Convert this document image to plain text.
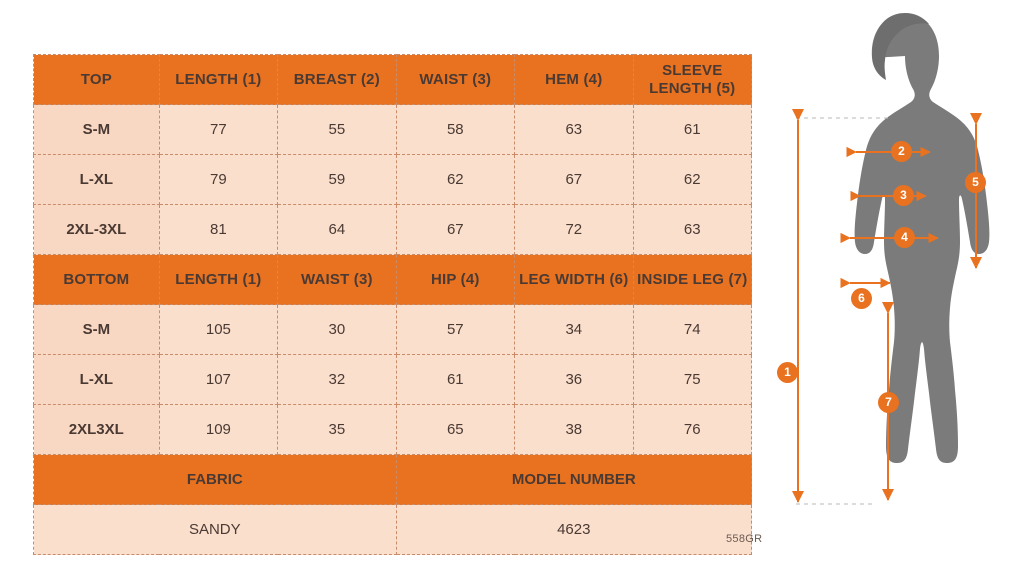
TOP	LENGTH (1)	BREAST (2)	WAIST (3)	HEM (4)	SLEEVE LENGTH (5)
S-M	77	55	58	63	61
L-XL	79	59	62	67	62
2XL-3XL	81	64	67	72	63
BOTTOM	LENGTH (1)	WAIST (3)	HIP (4)	LEG WIDTH (6)	INSIDE LEG (7)
S-M	105	30	57	34	74
L-XL	107	32	61	36	75
2XL3XL	109	35	65	38	76
FABRIC			MODEL NUMBER		
SANDY			4623		
558GR
1
2
3
4
5
6
7
